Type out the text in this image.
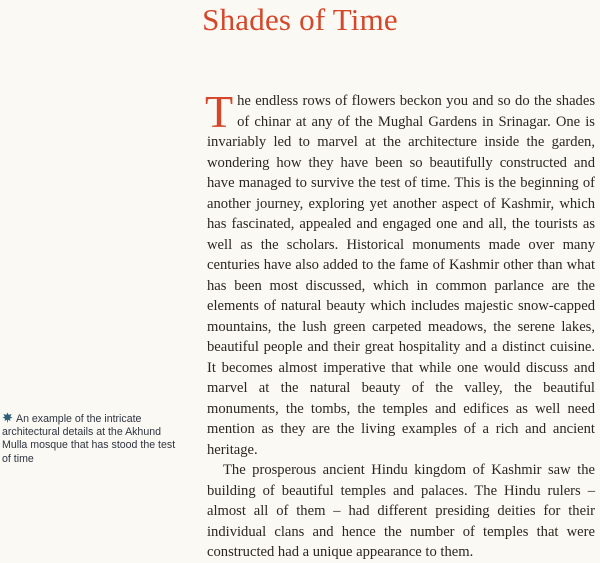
Shades of Time

The endless rows of flowers beckon you and so do the shades of chinar at any of the Mughal Gardens in Srinagar. One is invariably led to marvel at the architecture inside the garden, wondering how they have been so beautifully constructed and have managed to survive the test of time. This is the beginning of another journey, exploring yet another aspect of Kashmir, which has fascinated, appealed and engaged one and all, the tourists as well as the scholars. Historical monuments made over many centuries have also added to the fame of Kashmir other than what has been most discussed, which in common parlance are the elements of natural beauty which includes majestic snow-capped mountains, the lush green carpeted meadows, the serene lakes, beautiful people and their great hospitality and a distinct cuisine. It becomes almost imperative that while one would discuss and marvel at the natural beauty of the valley, the beautiful monuments, the tombs, the temples and edifices as well need mention as they are the living examples of a rich and ancient heritage.

The prosperous ancient Hindu kingdom of Kashmir saw the building of beautiful temples and palaces. The Hindu rulers – almost all of them – had different presiding deities for their individual clans and hence the number of temples that were constructed had a unique appearance to them.

An example of the intricate architectural details at the Akhund Mulla mosque that has stood the test of time
